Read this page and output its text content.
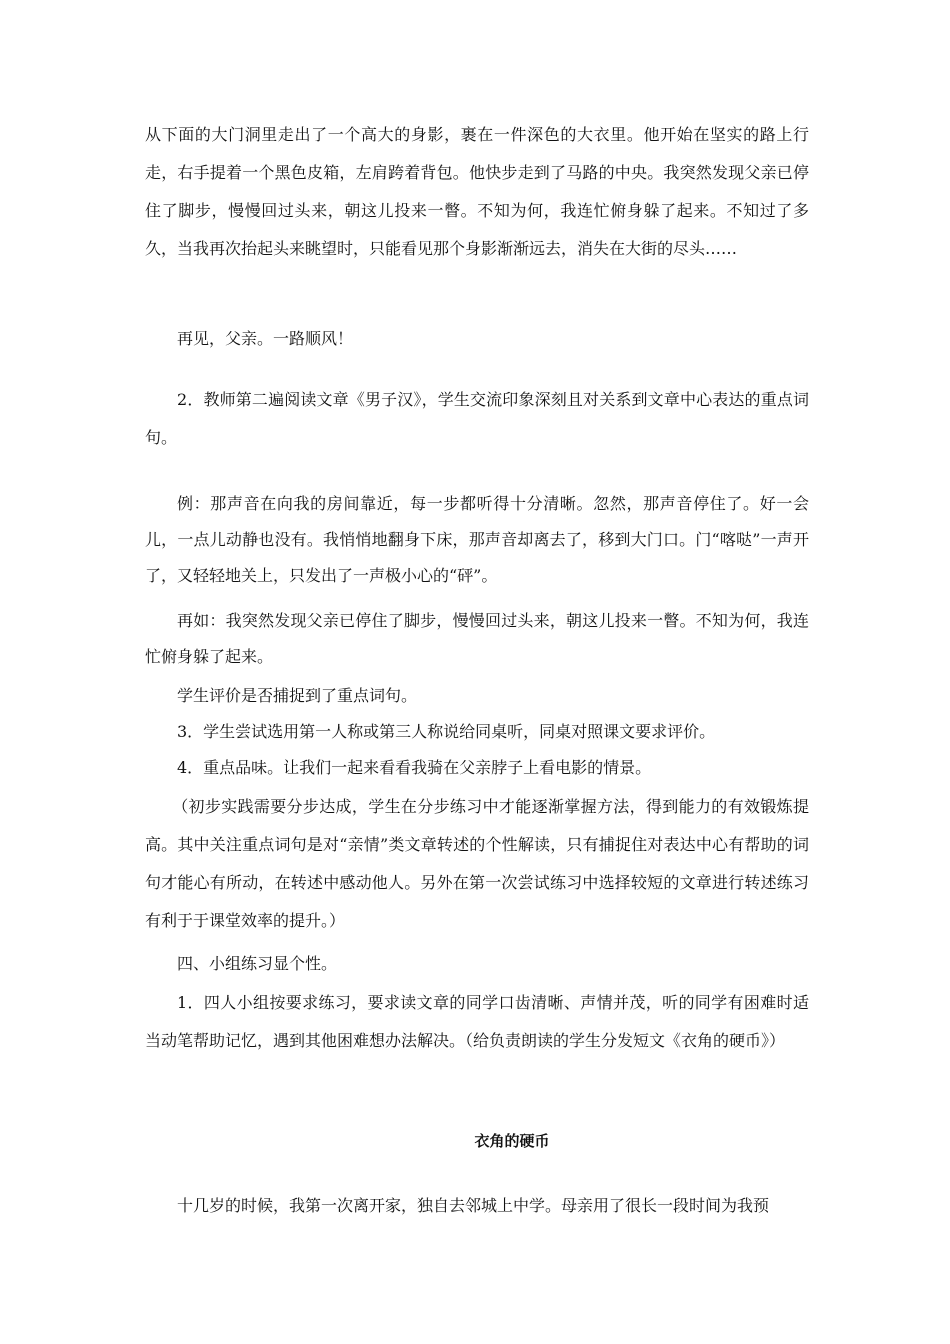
从下面的大门洞里走出了一个高大的身影，裹在一件深色的大衣里。他开始在坚实的路上行走，右手提着一个黑色皮箱，左肩跨着背包。他快步走到了马路的中央。我突然发现父亲已停住了脚步，慢慢回过头来，朝这儿投来一瞥。不知为何，我连忙俯身躲了起来。不知过了多久，当我再次抬起头来眺望时，只能看见那个身影渐渐远去，消失在大街的尽头……

再见，父亲。一路顺风！

2．教师第二遍阅读文章《男子汉》，学生交流印象深刻且对关系到文章中心表达的重点词句。

例：那声音在向我的房间靠近，每一步都听得十分清晰。忽然，那声音停住了。好一会儿，一点儿动静也没有。我悄悄地翻身下床，那声音却离去了，移到大门口。门“喀哒”一声开了，又轻轻地关上，只发出了一声极小心的“砰”。

再如：我突然发现父亲已停住了脚步，慢慢回过头来，朝这儿投来一瞥。不知为何，我连忙俯身躲了起来。

学生评价是否捕捉到了重点词句。

3．学生尝试选用第一人称或第三人称说给同桌听，同桌对照课文要求评价。

4．重点品味。让我们一起来看看我骑在父亲脖子上看电影的情景。

（初步实践需要分步达成，学生在分步练习中才能逐渐掌握方法，得到能力的有效锻炼提高。其中关注重点词句是对“亲情”类文章转述的个性解读，只有捕捉住对表达中心有帮助的词句才能心有所动，在转述中感动他人。另外在第一次尝试练习中选择较短的文章进行转述练习有利于于课堂效率的提升。）

四、小组练习显个性。

1．四人小组按要求练习，要求读文章的同学口齿清晰、声情并茂，听的同学有困难时适当动笔帮助记忆，遇到其他困难想办法解决。（给负责朗读的学生分发短文《衣角的硬币》）

衣角的硬币

十几岁的时候，我第一次离开家，独自去邻城上中学。母亲用了很长一段时间为我预
